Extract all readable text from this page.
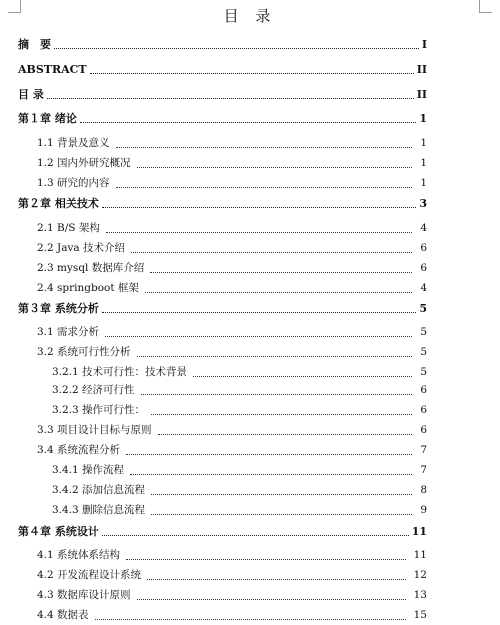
目 录
摘　要	I
ABSTRACT	II
目 录	II
第１章 绪论	1
1.1 背景及意义	1
1.2 国内外研究概况	1
1.3 研究的内容	1
第２章 相关技术	3
2.1 B/S 架构	4
2.2 Java 技术介绍	6
2.3 mysql 数据库介绍	6
2.4 springboot 框架	4
第３章 系统分析	5
3.1 需求分析	5
3.2 系统可行性分析	5
3.2.1 技术可行性：技术背景	5
3.2.2 经济可行性	6
3.2.3 操作可行性：	6
3.3 项目设计目标与原则	6
3.4 系统流程分析	7
3.4.1 操作流程	7
3.4.2 添加信息流程	8
3.4.3 删除信息流程	9
第４章 系统设计	11
4.1 系统体系结构	11
4.2 开发流程设计系统	12
4.3 数据库设计原则	13
4.4 数据表	15
